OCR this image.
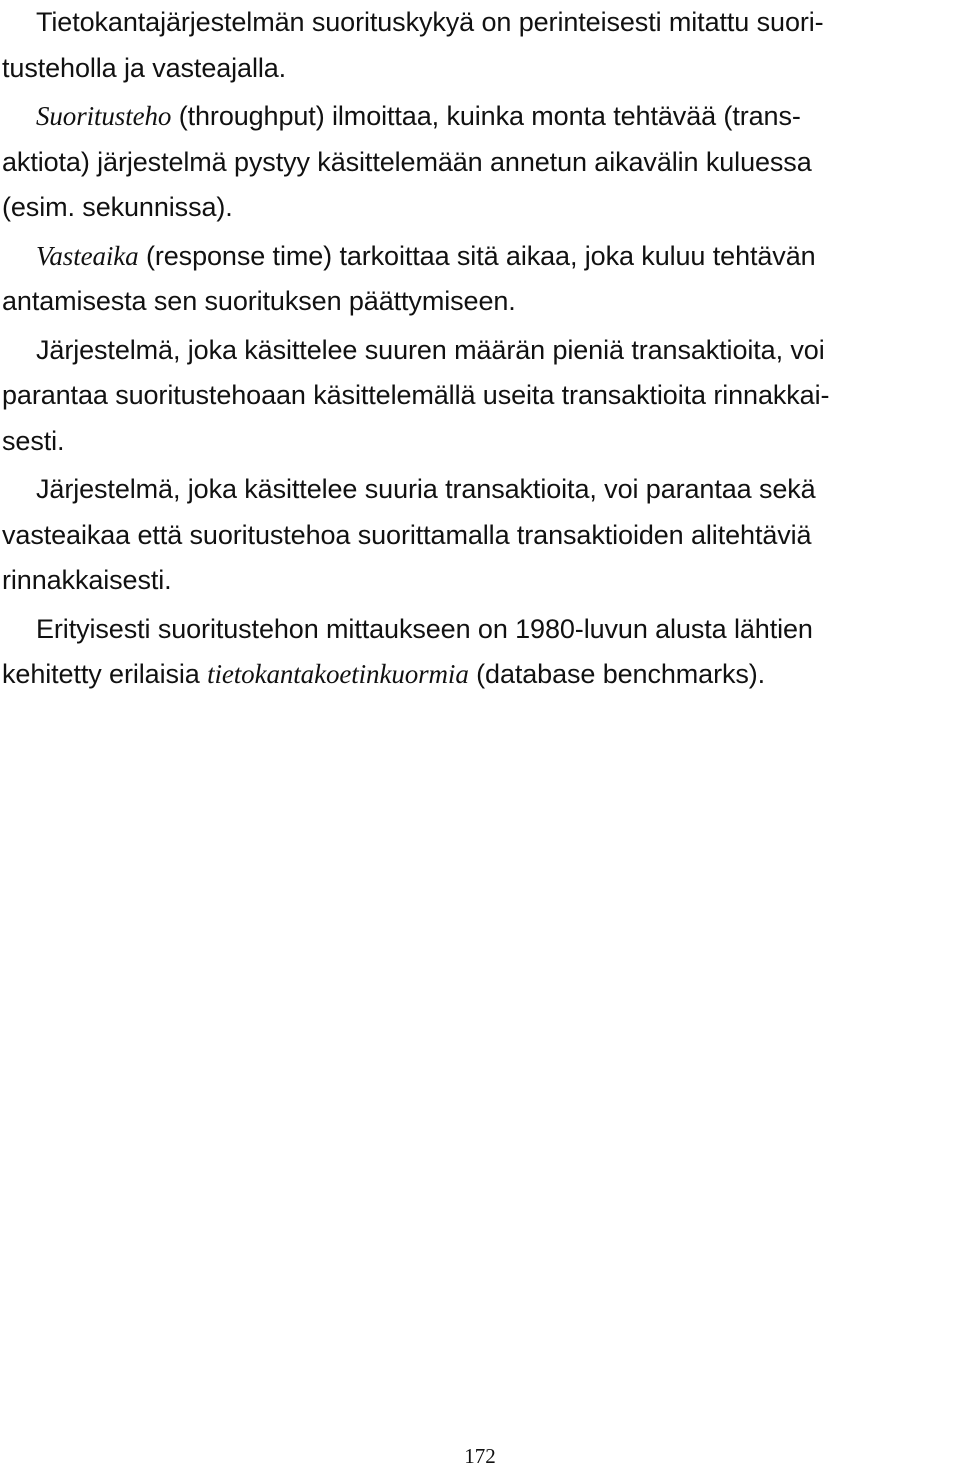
Tietokantajärjestelmän suorituskykyä on perinteisesti mitattu suori-
tusteholla ja vasteajalla.

Suoritusteho (throughput) ilmoittaa, kuinka monta tehtävää (trans-
aktiota) järjestelmä pystyy käsittelemään annetun aikavälin kuluessa
(esim. sekunnissa).

Vasteaika (response time) tarkoittaa sitä aikaa, joka kuluu tehtävän
antamisesta sen suorituksen päättymiseen.

Järjestelmä, joka käsittelee suuren määrän pieniä transaktioita, voi
parantaa suoritustehoaan käsittelemällä useita transaktioita rinnakkai-
sesti.

Järjestelmä, joka käsittelee suuria transaktioita, voi parantaa sekä
vasteaikaa että suoritustehoa suorittamalla transaktioiden alitehtäviä
rinnakkaisesti.

Erityisesti suoritustehon mittaukseen on 1980-luvun alusta lähtien
kehitetty erilaisia tietokantakoetinkuormia (database benchmarks).

172
